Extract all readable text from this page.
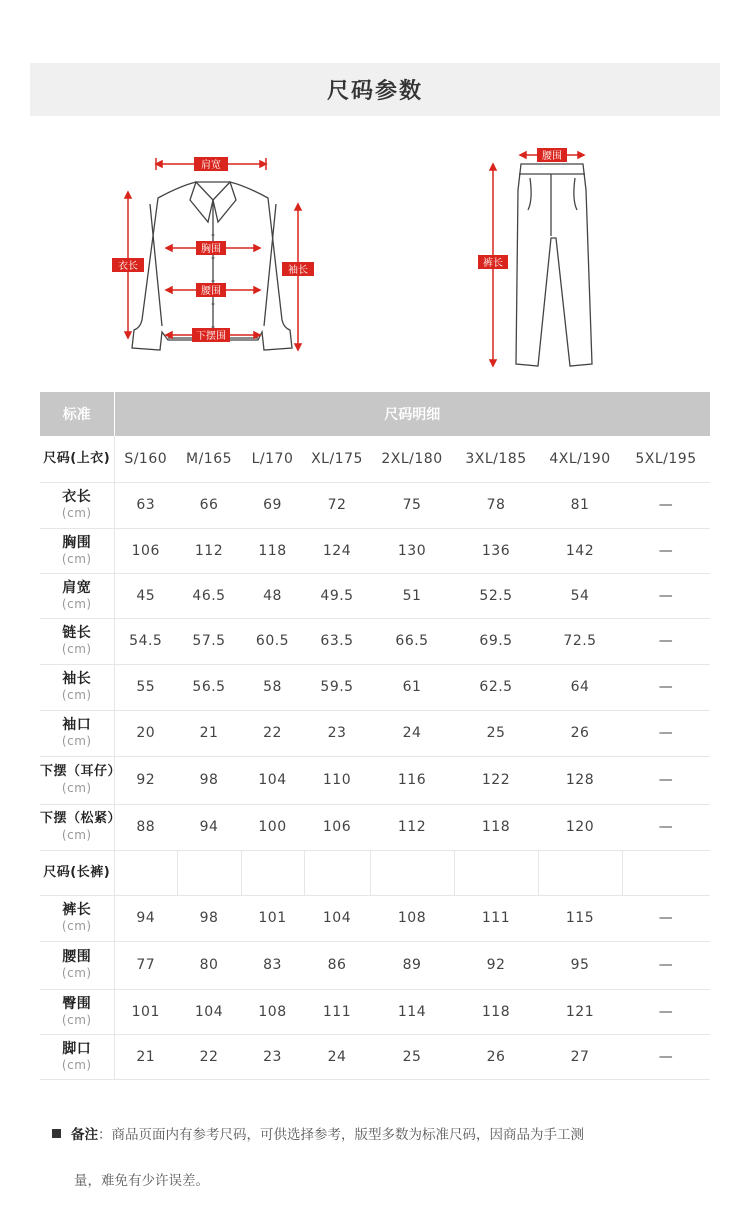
尺码参数
肩宽
胸围
腰围
下摆围
衣长	袖长
腰围
裤长
标准	尺码明细							
尺码(上衣)	S/160	M/165	L/170	XL/175	2XL/180	3XL/185	4XL/190	5XL/195
衣长
(cm)	63	66	69	72	75	78	81	—
胸围
(cm)	106	112	118	124	130	136	142	—
肩宽
(cm)	45	46.5	48	49.5	51	52.5	54	—
链长
(cm)	54.5	57.5	60.5	63.5	66.5	69.5	72.5	—
袖长
(cm)	55	56.5	58	59.5	61	62.5	64	—
袖口
(cm)	20	21	22	23	24	25	26	—
下摆（耳仔）
(cm)	92	98	104	110	116	122	128	—
下摆（松紧）
(cm)	88	94	100	106	112	118	120	—
尺码(长裤)								
裤长
(cm)	94	98	101	104	108	111	115	—
腰围
(cm)	77	80	83	86	89	92	95	—
臀围
(cm)	101	104	108	111	114	118	121	—
脚口
(cm)	21	22	23	24	25	26	27	—
备注：商品页面内有参考尺码，可供选择参考，版型多数为标准尺码，因商品为手工测
量，难免有少许误差。
